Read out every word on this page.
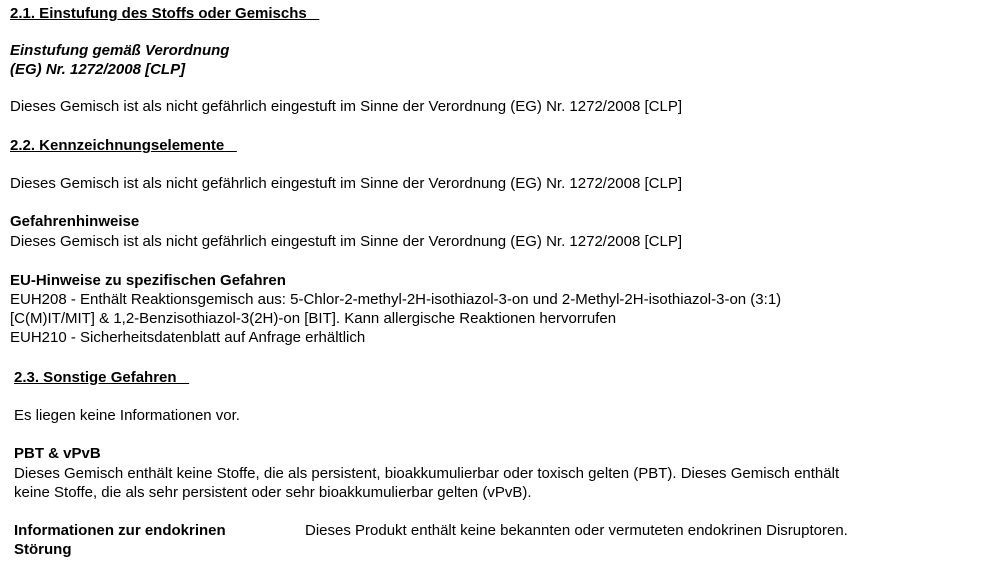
2.1. Einstufung des Stoffs oder Gemischs
Einstufung gemäß Verordnung
(EG) Nr. 1272/2008 [CLP]
Dieses Gemisch ist als nicht gefährlich eingestuft im Sinne der Verordnung (EG) Nr. 1272/2008 [CLP]
2.2. Kennzeichnungselemente
Dieses Gemisch ist als nicht gefährlich eingestuft im Sinne der Verordnung (EG) Nr. 1272/2008 [CLP]
Gefahrenhinweise
Dieses Gemisch ist als nicht gefährlich eingestuft im Sinne der Verordnung (EG) Nr. 1272/2008 [CLP]
EU-Hinweise zu spezifischen Gefahren
EUH208 - Enthält Reaktionsgemisch aus: 5-Chlor-2-methyl-2H-isothiazol-3-on und 2-Methyl-2H-isothiazol-3-on (3:1)
[C(M)IT/MIT] & 1,2-Benzisothiazol-3(2H)-on [BIT]. Kann allergische Reaktionen hervorrufen
EUH210 - Sicherheitsdatenblatt auf Anfrage erhältlich
2.3. Sonstige Gefahren
Es liegen keine Informationen vor.
PBT & vPvB
Dieses Gemisch enthält keine Stoffe, die als persistent, bioakkumulierbar oder toxisch gelten (PBT). Dieses Gemisch enthält
keine Stoffe, die als sehr persistent oder sehr bioakkumulierbar gelten (vPvB).
Informationen zur endokrinen
Störung
Dieses Produkt enthält keine bekannten oder vermuteten endokrinen Disruptoren.
